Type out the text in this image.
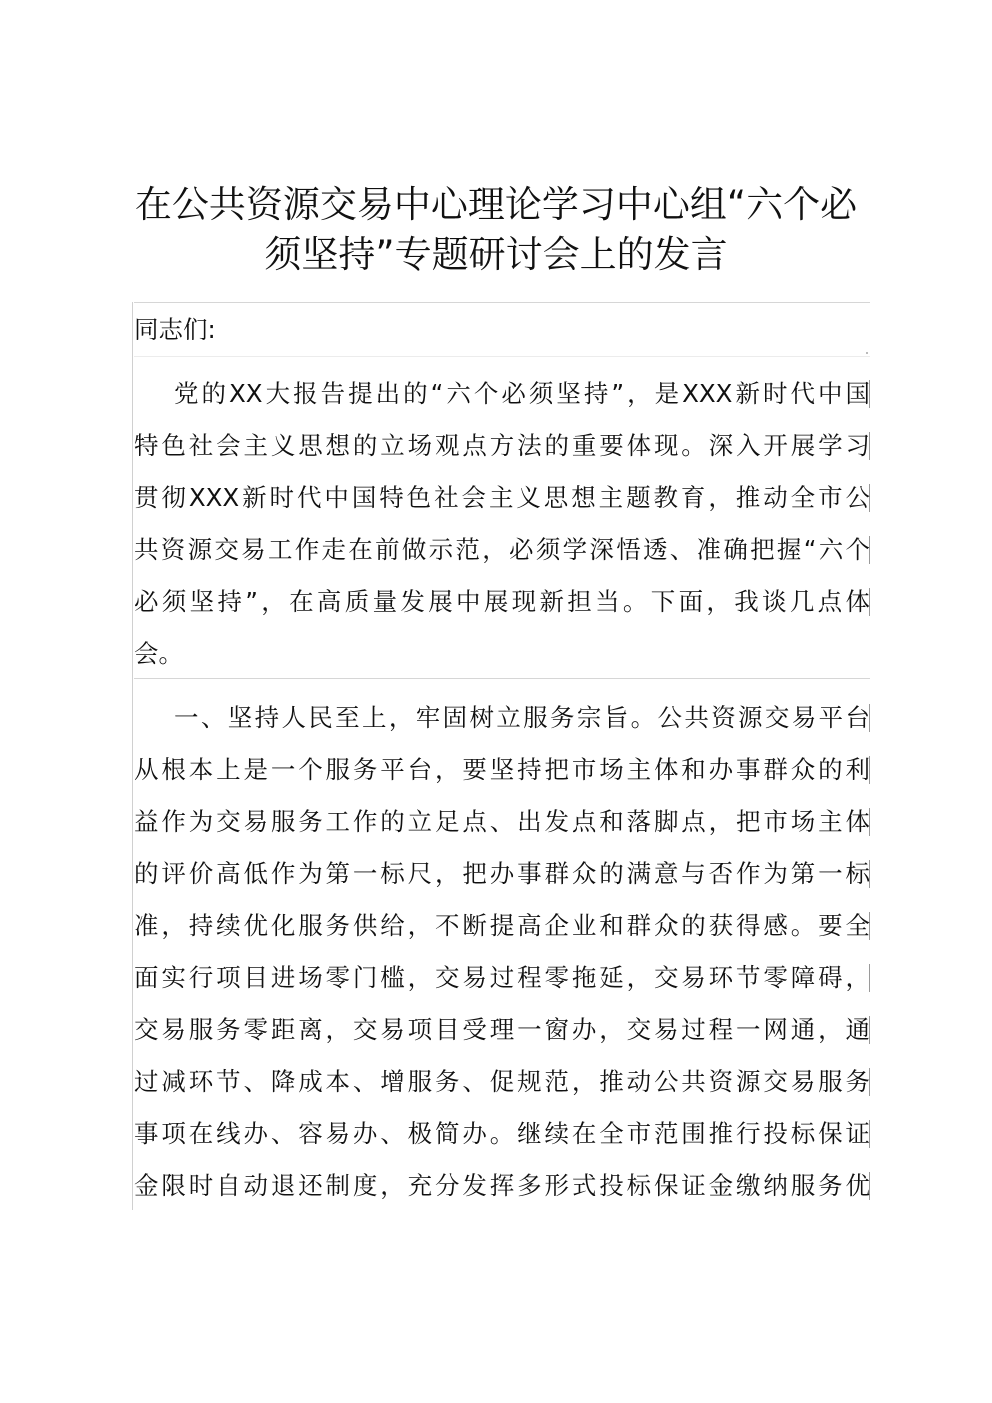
在公共资源交易中心理论学习中心组“六个必
须坚持”专题研讨会上的发言
同志们:
党的XX大报告提出的“六个必须坚持”，是XXX新时代中国
特色社会主义思想的立场观点方法的重要体现。深入开展学习
贯彻XXX新时代中国特色社会主义思想主题教育，推动全市公
共资源交易工作走在前做示范，必须学深悟透、准确把握“六个
必须坚持”，在高质量发展中展现新担当。下面，我谈几点体
会。
一、坚持人民至上，牢固树立服务宗旨。公共资源交易平台
从根本上是一个服务平台，要坚持把市场主体和办事群众的利
益作为交易服务工作的立足点、出发点和落脚点，把市场主体
的评价高低作为第一标尺，把办事群众的满意与否作为第一标
准，持续优化服务供给，不断提高企业和群众的获得感。要全
面实行项目进场零门槛，交易过程零拖延，交易环节零障碍，
交易服务零距离，交易项目受理一窗办，交易过程一网通，通
过减环节、降成本、增服务、促规范，推动公共资源交易服务
事项在线办、容易办、极简办。继续在全市范围推行投标保证
金限时自动退还制度，充分发挥多形式投标保证金缴纳服务优
